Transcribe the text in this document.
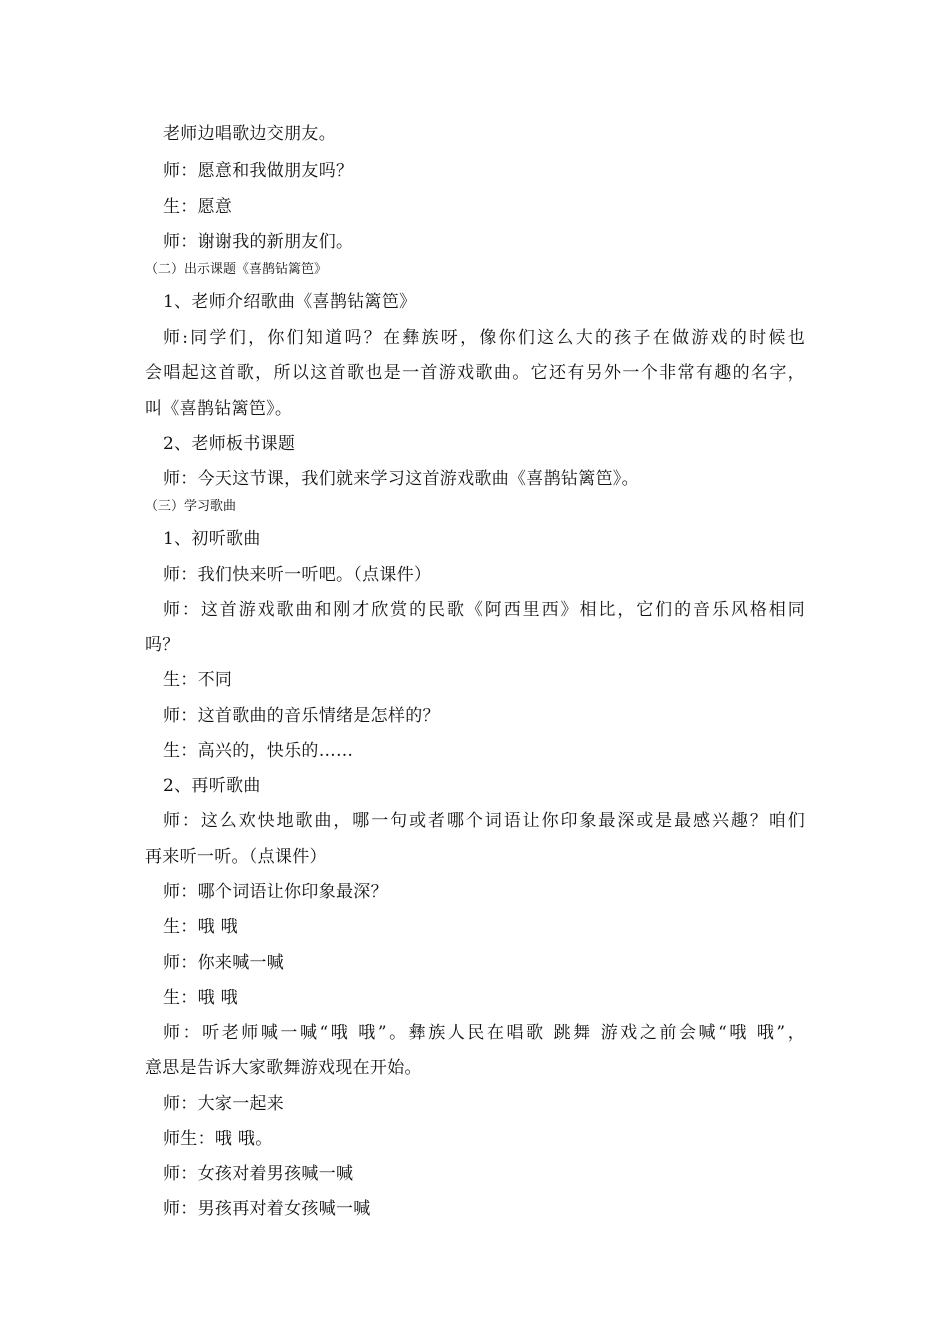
老师边唱歌边交朋友。
师：愿意和我做朋友吗？
生：愿意
师：谢谢我的新朋友们。
（二）出示课题《喜鹊钻篱笆》
1、老师介绍歌曲《喜鹊钻篱笆》
师:同学们，你们知道吗？在彝族呀，像你们这么大的孩子在做游戏的时候也
会唱起这首歌，所以这首歌也是一首游戏歌曲。它还有另外一个非常有趣的名字，
叫《喜鹊钻篱笆》。
2、老师板书课题
师：今天这节课，我们就来学习这首游戏歌曲《喜鹊钻篱笆》。
（三）学习歌曲
1、初听歌曲
师：我们快来听一听吧。（点课件）
师：这首游戏歌曲和刚才欣赏的民歌《阿西里西》相比，它们的音乐风格相同
吗？
生：不同
师：这首歌曲的音乐情绪是怎样的？
生：高兴的，快乐的……
2、再听歌曲
师：这么欢快地歌曲，哪一句或者哪个词语让你印象最深或是最感兴趣？咱们
再来听一听。（点课件）
师：哪个词语让你印象最深？
生：哦 哦
师：你来喊一喊
生：哦 哦
师：听老师喊一喊“哦 哦”。彝族人民在唱歌 跳舞 游戏之前会喊“哦 哦”，
意思是告诉大家歌舞游戏现在开始。
师：大家一起来
师生：哦 哦。
师：女孩对着男孩喊一喊
师：男孩再对着女孩喊一喊
